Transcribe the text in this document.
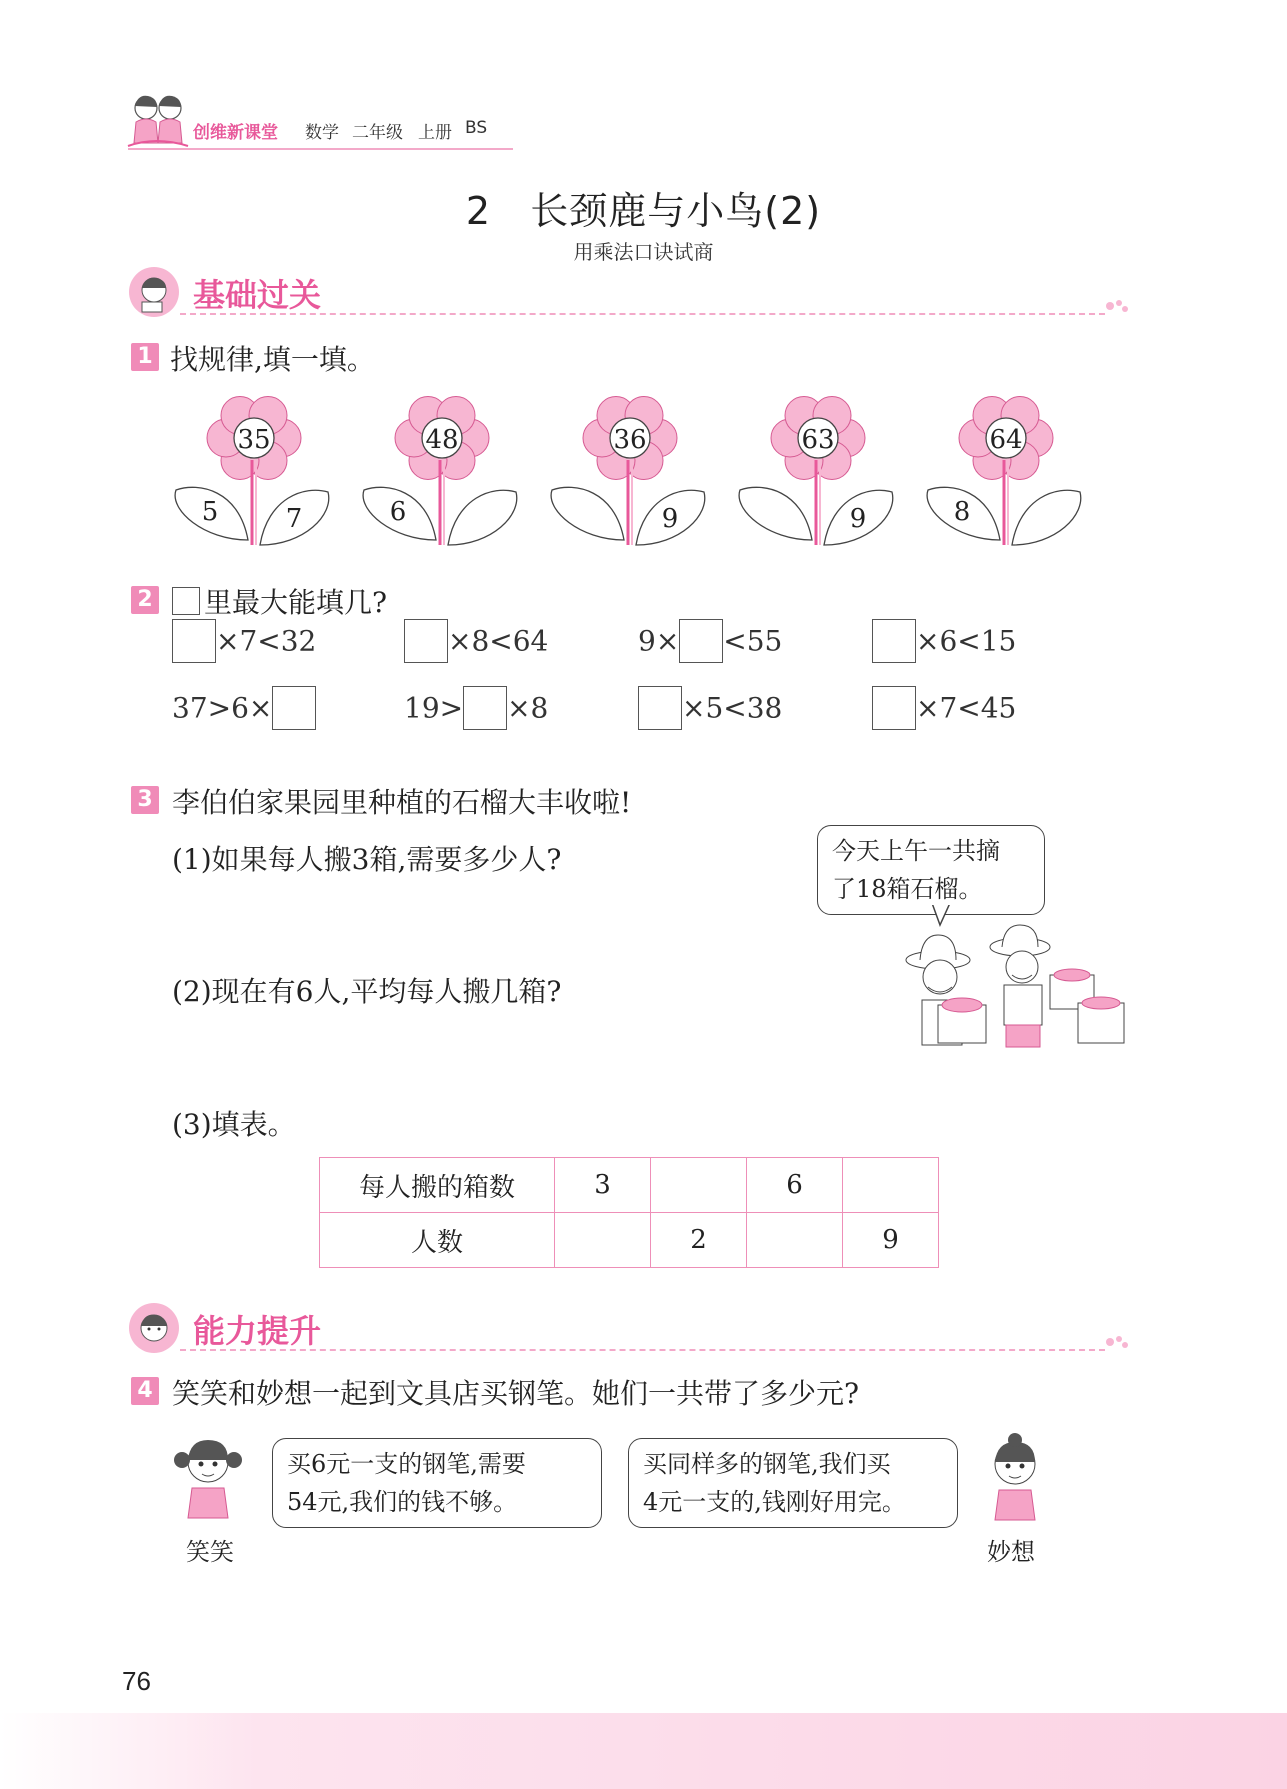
创维新课堂 数学 二年级 上册 BS
2   长颈鹿与小鸟(2)
用乘法口诀试商
基础过关
1 找规律,填一填。
35
5	7
48
6
36
9
63
9
64
8
2 里最大能填几?
×7<32	×8<64	9× <55	×6<15
37>6×	19> ×8	×5<38	×7<45
3 李伯伯家果园里种植的石榴大丰收啦!
(1)如果每人搬3箱,需要多少人?
(2)现在有6人,平均每人搬几箱?
(3)填表。
今天上午一共摘
了18箱石榴。
每人搬的箱数	3		6	
人数		2		9
能力提升
4 笑笑和妙想一起到文具店买钢笔。她们一共带了多少元?
买6元一支的钢笔,需要
54元,我们的钱不够。
笑笑
买同样多的钢笔,我们买
4元一支的,钱刚好用完。
妙想
76
